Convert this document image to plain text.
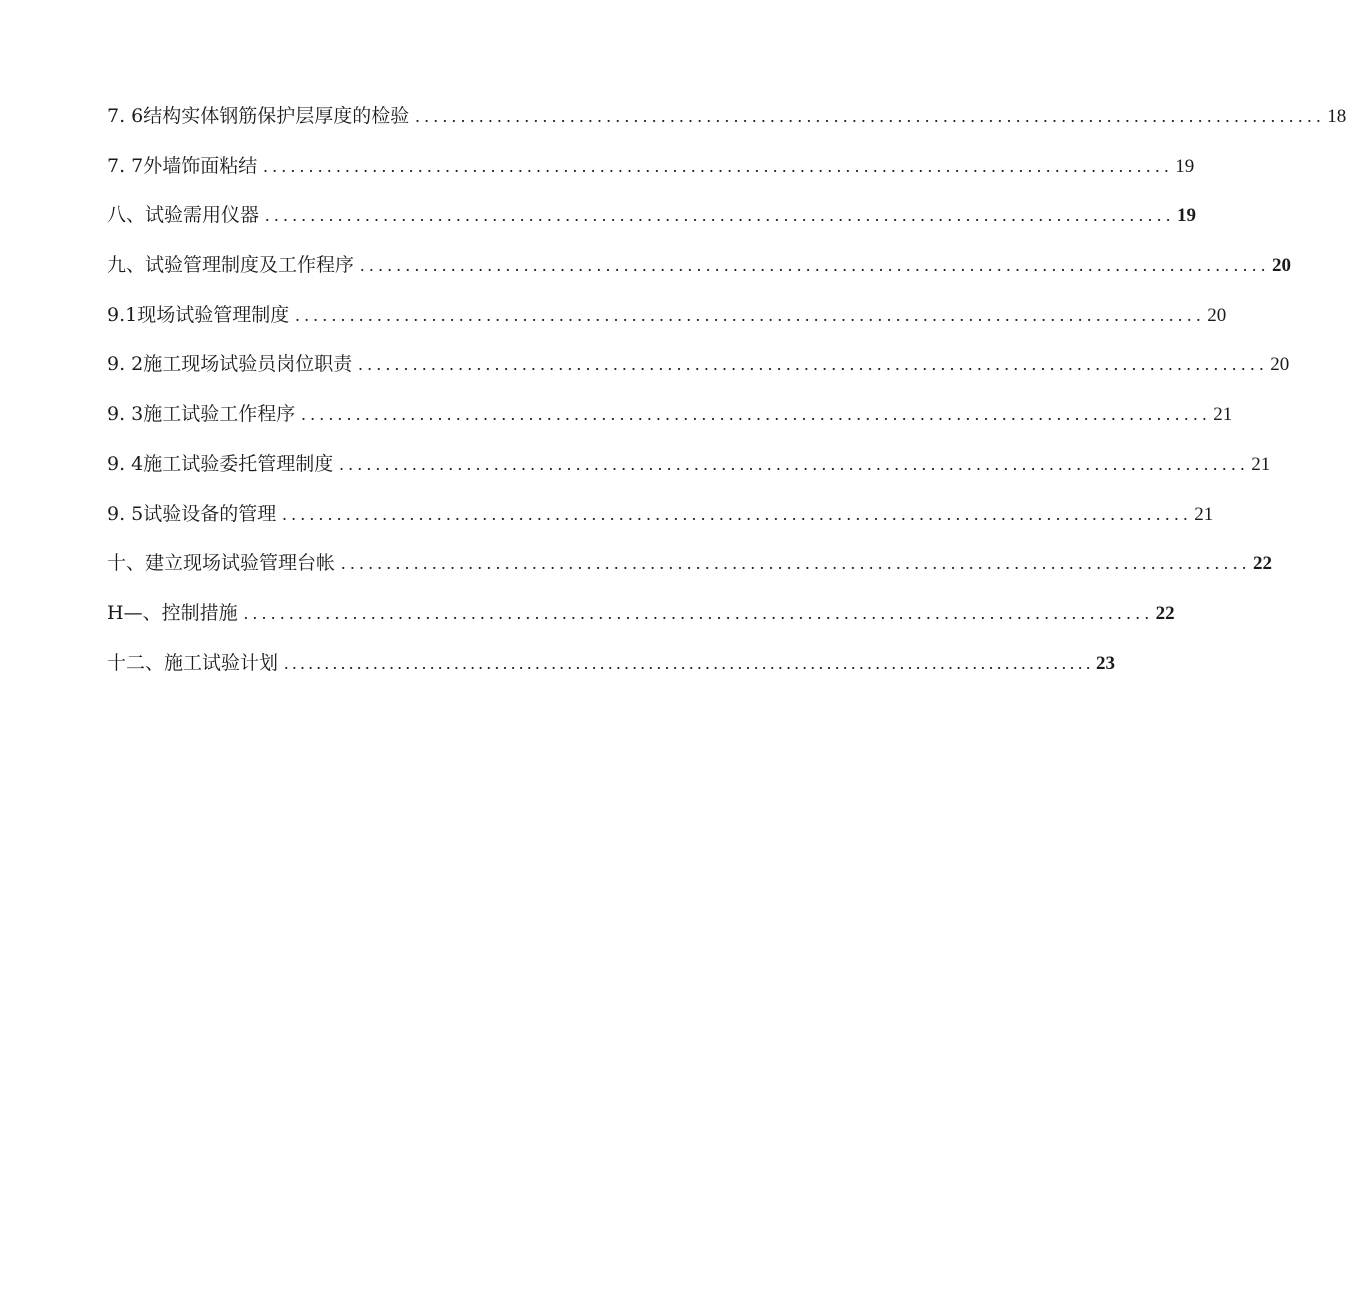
7. 6结构实体钢筋保护层厚度的检验 .................................................................................................... 18
7. 7外墙饰面粘结 .................................................................................................... 19
八、试验需用仪器 .................................................................................................... 19
九、试验管理制度及工作程序 .................................................................................................... 20
9.1现场试验管理制度 .................................................................................................... 20
9. 2施工现场试验员岗位职责 .................................................................................................... 20
9. 3施工试验工作程序 .................................................................................................... 21
9. 4施工试验委托管理制度 .................................................................................................... 21
9. 5试验设备的管理 .................................................................................................... 21
十、建立现场试验管理台帐 .................................................................................................... 22
H—、控制措施 .................................................................................................... 22
十二、施工试验计划 .................................................................................................... 23
